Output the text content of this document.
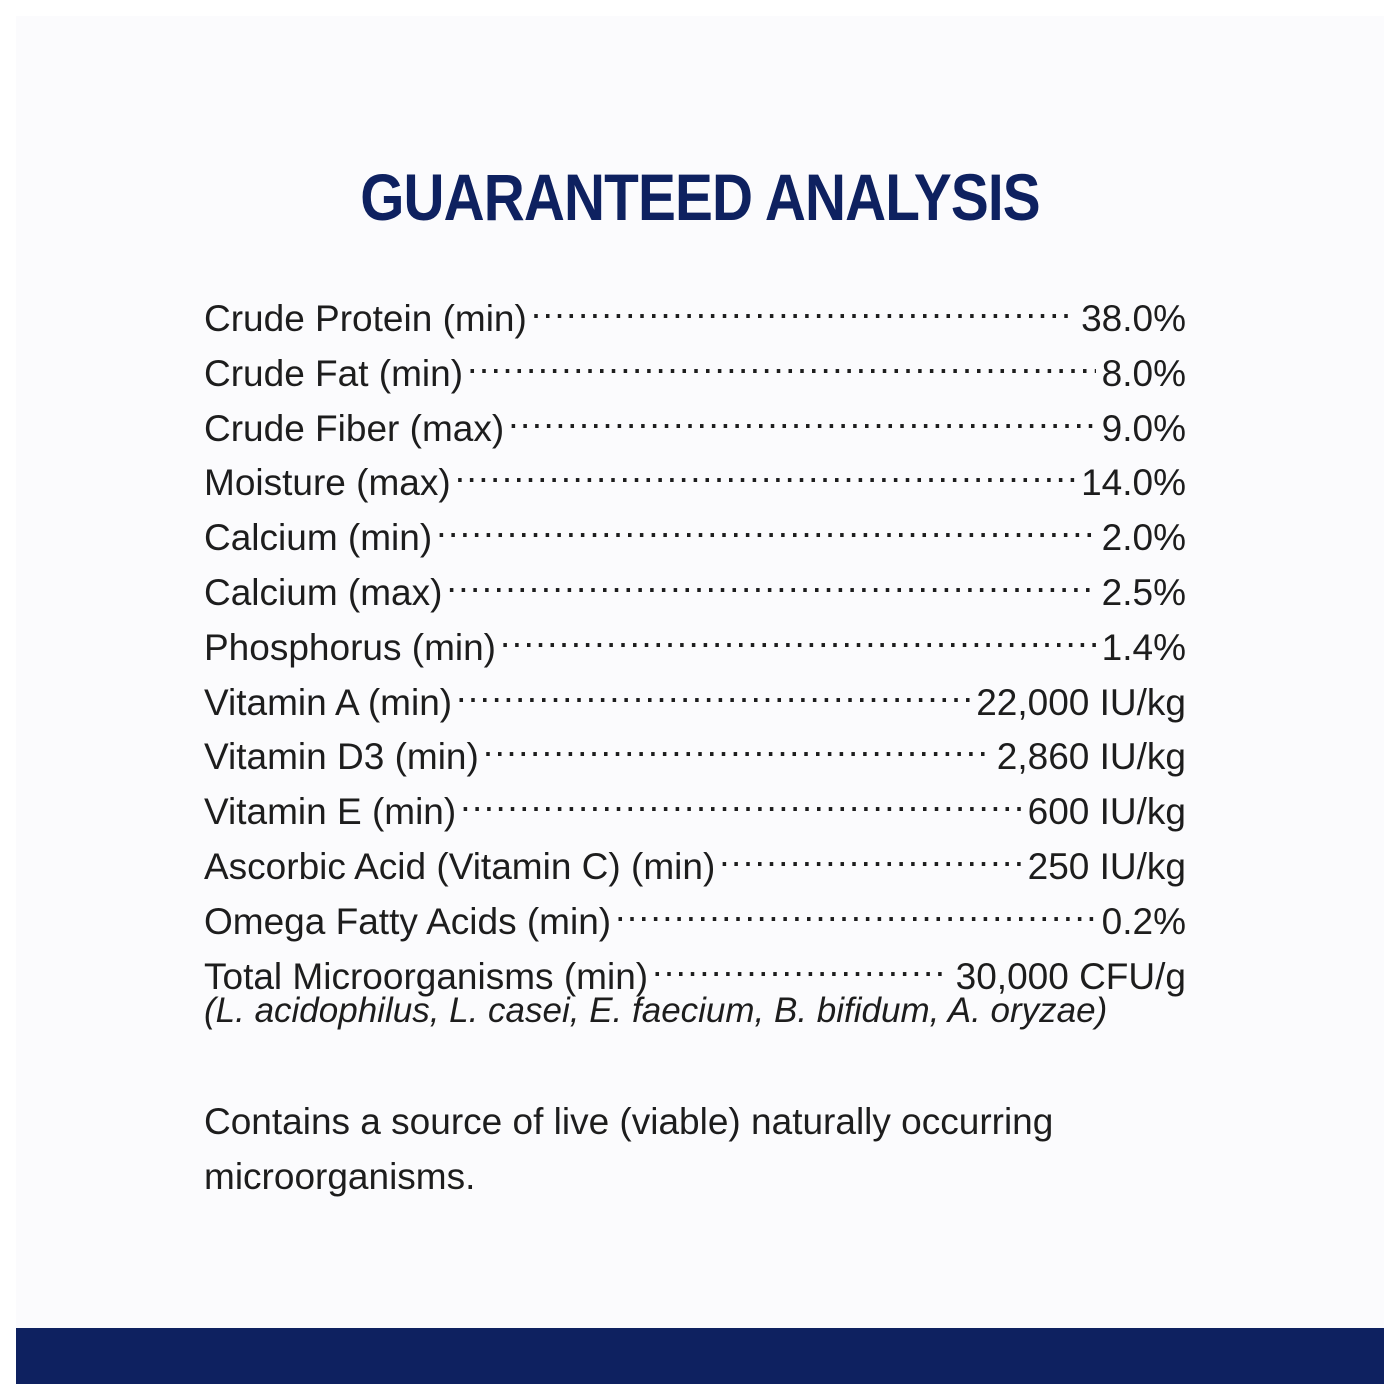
GUARANTEED ANALYSIS
Crude Protein (min) .....	38.0%
Crude Fat (min) .....	8.0%
Crude Fiber (max) .....	9.0%
Moisture (max) .....	14.0%
Calcium (min) .....	2.0%
Calcium (max) .....	2.5%
Phosphorus (min) .....	1.4%
Vitamin A (min) .....	22,000 IU/kg
Vitamin D3 (min) .....	2,860 IU/kg
Vitamin E (min) .....	600 IU/kg
Ascorbic Acid (Vitamin C) (min) .....	250 IU/kg
Omega Fatty Acids (min) .....	0.2%
Total Microorganisms (min) .....	30,000 CFU/g
(L. acidophilus, L. casei, E. faecium, B. bifidum, A. oryzae)
Contains a source of live (viable) naturally occurring microorganisms.
